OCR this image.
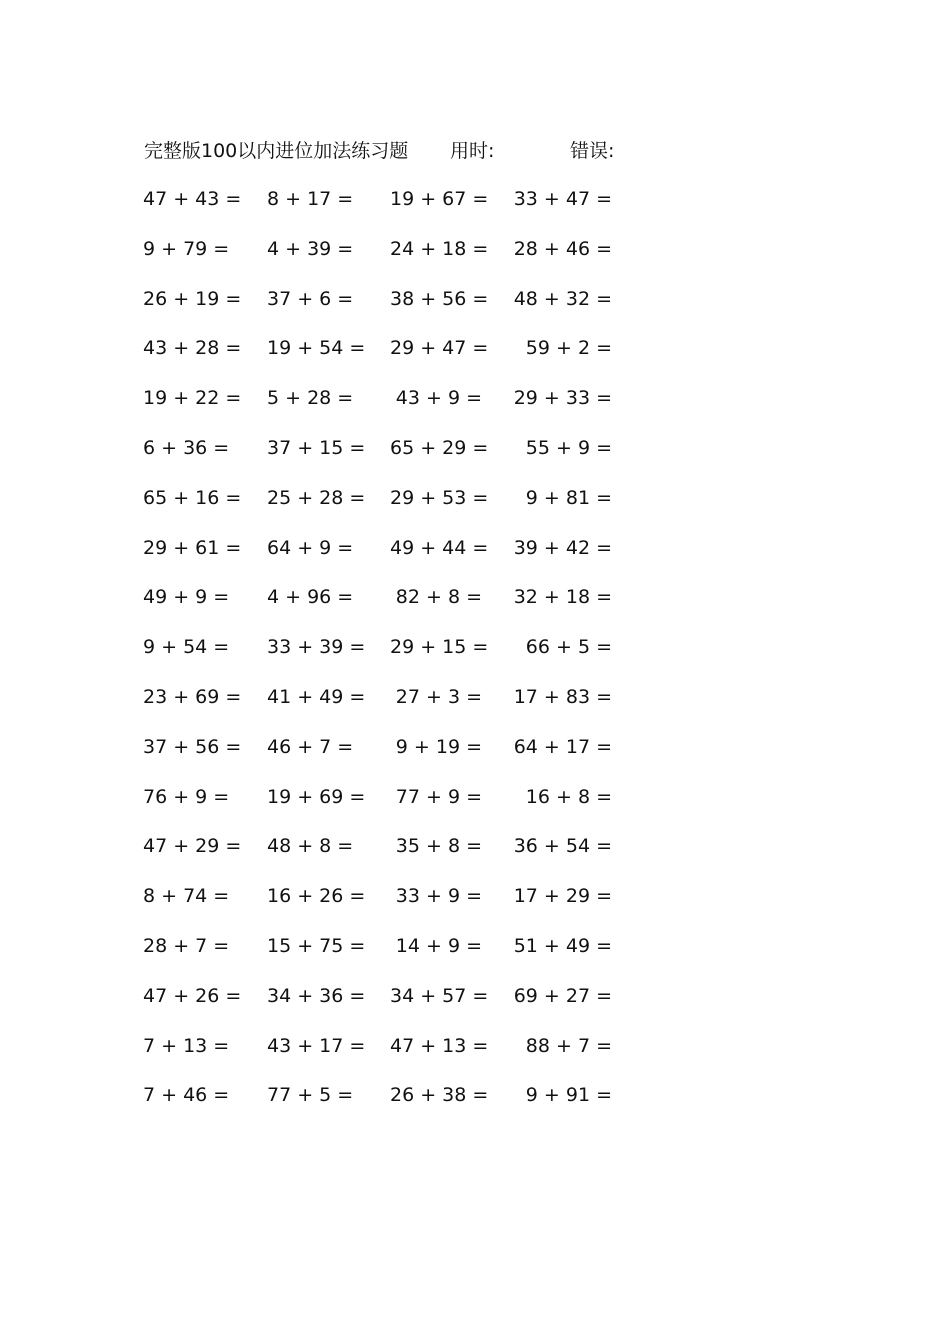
完整版100以内进位加法练习题 用时:	错误:
47 + 43 = 8 + 17 = 19 + 67 = 33 + 47 =
9 + 79 = 4 + 39 = 24 + 18 = 28 + 46 =
26 + 19 = 37 + 6 = 38 + 56 = 48 + 32 =
43 + 28 = 19 + 54 = 29 + 47 =	59 + 2 =
19 + 22 = 5 + 28 =	43 + 9 = 29 + 33 =
6 + 36 = 37 + 15 = 65 + 29 =	55 + 9 =
65 + 16 = 25 + 28 = 29 + 53 =	9 + 81 =
29 + 61 = 64 + 9 = 49 + 44 = 39 + 42 =
49 + 9 = 4 + 96 =	82 + 8 = 32 + 18 =
9 + 54 = 33 + 39 = 29 + 15 =	66 + 5 =
23 + 69 = 41 + 49 =	27 + 3 = 17 + 83 =
37 + 56 = 46 + 7 =	9 + 19 = 64 + 17 =
76 + 9 = 19 + 69 =	77 + 9 =	16 + 8 =
47 + 29 = 48 + 8 =	35 + 8 = 36 + 54 =
8 + 74 = 16 + 26 =	33 + 9 = 17 + 29 =
28 + 7 = 15 + 75 =	14 + 9 = 51 + 49 =
47 + 26 = 34 + 36 = 34 + 57 = 69 + 27 =
7 + 13 = 43 + 17 = 47 + 13 =	88 + 7 =
7 + 46 = 77 + 5 = 26 + 38 =	9 + 91 =
